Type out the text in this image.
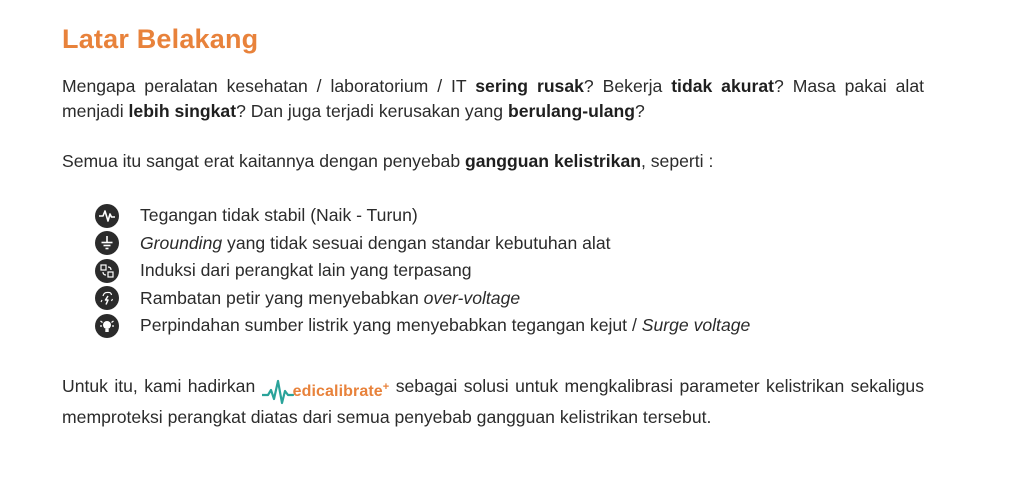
Latar Belakang
Mengapa peralatan kesehatan / laboratorium / IT sering rusak? Bekerja tidak akurat? Masa pakai alat menjadi lebih singkat? Dan juga terjadi kerusakan yang berulang-ulang?
Semua itu sangat erat kaitannya dengan penyebab gangguan kelistrikan, seperti :
Tegangan tidak stabil (Naik - Turun)
Grounding yang tidak sesuai dengan standar kebutuhan alat
Induksi dari perangkat lain yang terpasang
Rambatan petir yang menyebabkan over-voltage
Perpindahan sumber listrik yang menyebabkan tegangan kejut / Surge voltage
Untuk itu, kami hadirkan
edicalibrate+ sebagai solusi untuk mengkalibrasi parameter kelistrikan sekaligus memproteksi perangkat diatas dari semua penyebab gangguan kelistrikan tersebut.
